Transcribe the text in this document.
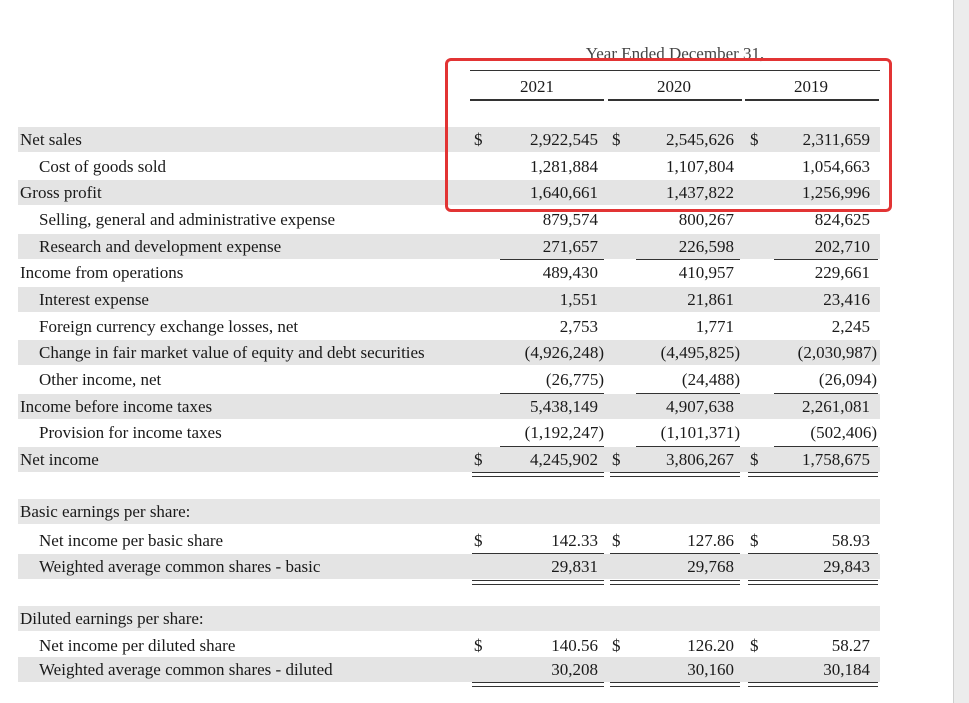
Year Ended December 31,
2021	2020	2019
Net sales	$	2,922,545 $	2,545,626 $	2,311,659
Cost of goods sold	1,281,884	1,107,804	1,054,663
Gross profit	1,640,661	1,437,822	1,256,996
Selling, general and administrative expense	879,574	800,267	824,625
Research and development expense	271,657	226,598	202,710
Income from operations	489,430	410,957	229,661
Interest expense	1,551	21,861	23,416
Foreign currency exchange losses, net	2,753	1,771	2,245
Change in fair market value of equity and debt securities	(4,926,248)	(4,495,825)	(2,030,987)
Other income, net	(26,775)	(24,488)	(26,094)
Income before income taxes	5,438,149	4,907,638	2,261,081
Provision for income taxes	(1,192,247)	(1,101,371)	(502,406)
Net income	$	4,245,902 $	3,806,267 $	1,758,675
Basic earnings per share:
Net income per basic share	$	142.33 $	127.86 $	58.93
Weighted average common shares - basic	29,831	29,768	29,843
Diluted earnings per share:
Net income per diluted share	$	140.56 $	126.20 $	58.27
Weighted average common shares - diluted	30,208	30,160	30,184
